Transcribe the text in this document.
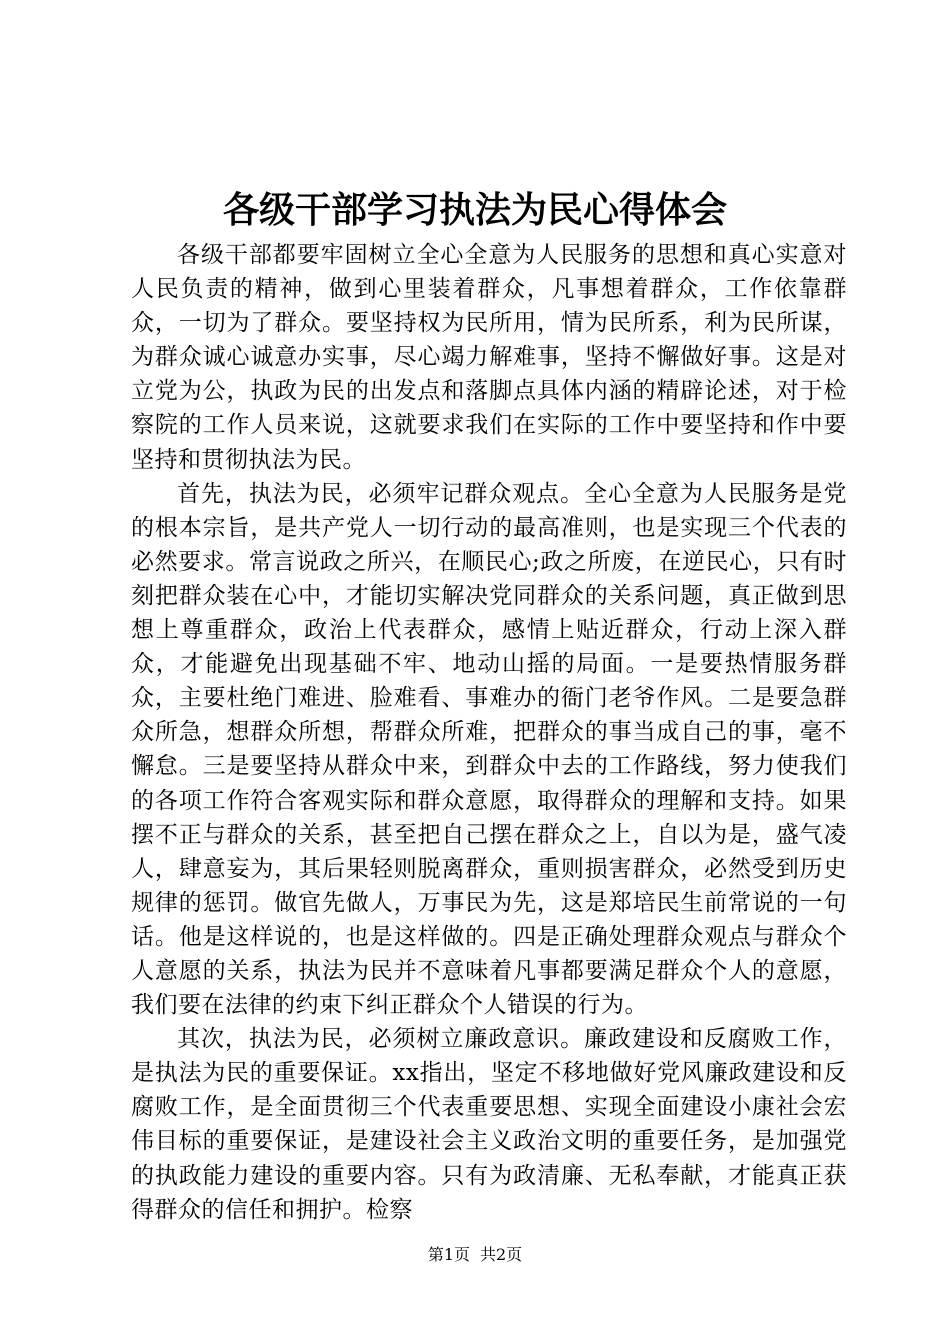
各级干部学习执法为民心得体会

各级干部都要牢固树立全心全意为人民服务的思想和真心实意对人民负责的精神，做到心里装着群众，凡事想着群众，工作依靠群众，一切为了群众。要坚持权为民所用，情为民所系，利为民所谋，为群众诚心诚意办实事，尽心竭力解难事，坚持不懈做好事。这是对立党为公，执政为民的出发点和落脚点具体内涵的精辟论述，对于检察院的工作人员来说，这就要求我们在实际的工作中要坚持和作中要坚持和贯彻执法为民。

首先，执法为民，必须牢记群众观点。全心全意为人民服务是党的根本宗旨，是共产党人一切行动的最高准则，也是实现三个代表的必然要求。常言说政之所兴，在顺民心;政之所废，在逆民心，只有时刻把群众装在心中，才能切实解决党同群众的关系问题，真正做到思想上尊重群众，政治上代表群众，感情上贴近群众，行动上深入群众，才能避免出现基础不牢、地动山摇的局面。一是要热情服务群众，主要杜绝门难进、脸难看、事难办的衙门老爷作风。二是要急群众所急，想群众所想，帮群众所难，把群众的事当成自己的事，毫不懈怠。三是要坚持从群众中来，到群众中去的工作路线，努力使我们的各项工作符合客观实际和群众意愿，取得群众的理解和支持。如果摆不正与群众的关系，甚至把自己摆在群众之上，自以为是，盛气凌人，肆意妄为，其后果轻则脱离群众，重则损害群众，必然受到历史规律的惩罚。做官先做人，万事民为先，这是郑培民生前常说的一句话。他是这样说的，也是这样做的。四是正确处理群众观点与群众个人意愿的关系，执法为民并不意味着凡事都要满足群众个人的意愿，我们要在法律的约束下纠正群众个人错误的行为。

其次，执法为民，必须树立廉政意识。廉政建设和反腐败工作，是执法为民的重要保证。xx指出，坚定不移地做好党风廉政建设和反腐败工作，是全面贯彻三个代表重要思想、实现全面建设小康社会宏伟目标的重要保证，是建设社会主义政治文明的重要任务，是加强党的执政能力建设的重要内容。只有为政清廉、无私奉献，才能真正获得群众的信任和拥护。检察

第1页 共2页
